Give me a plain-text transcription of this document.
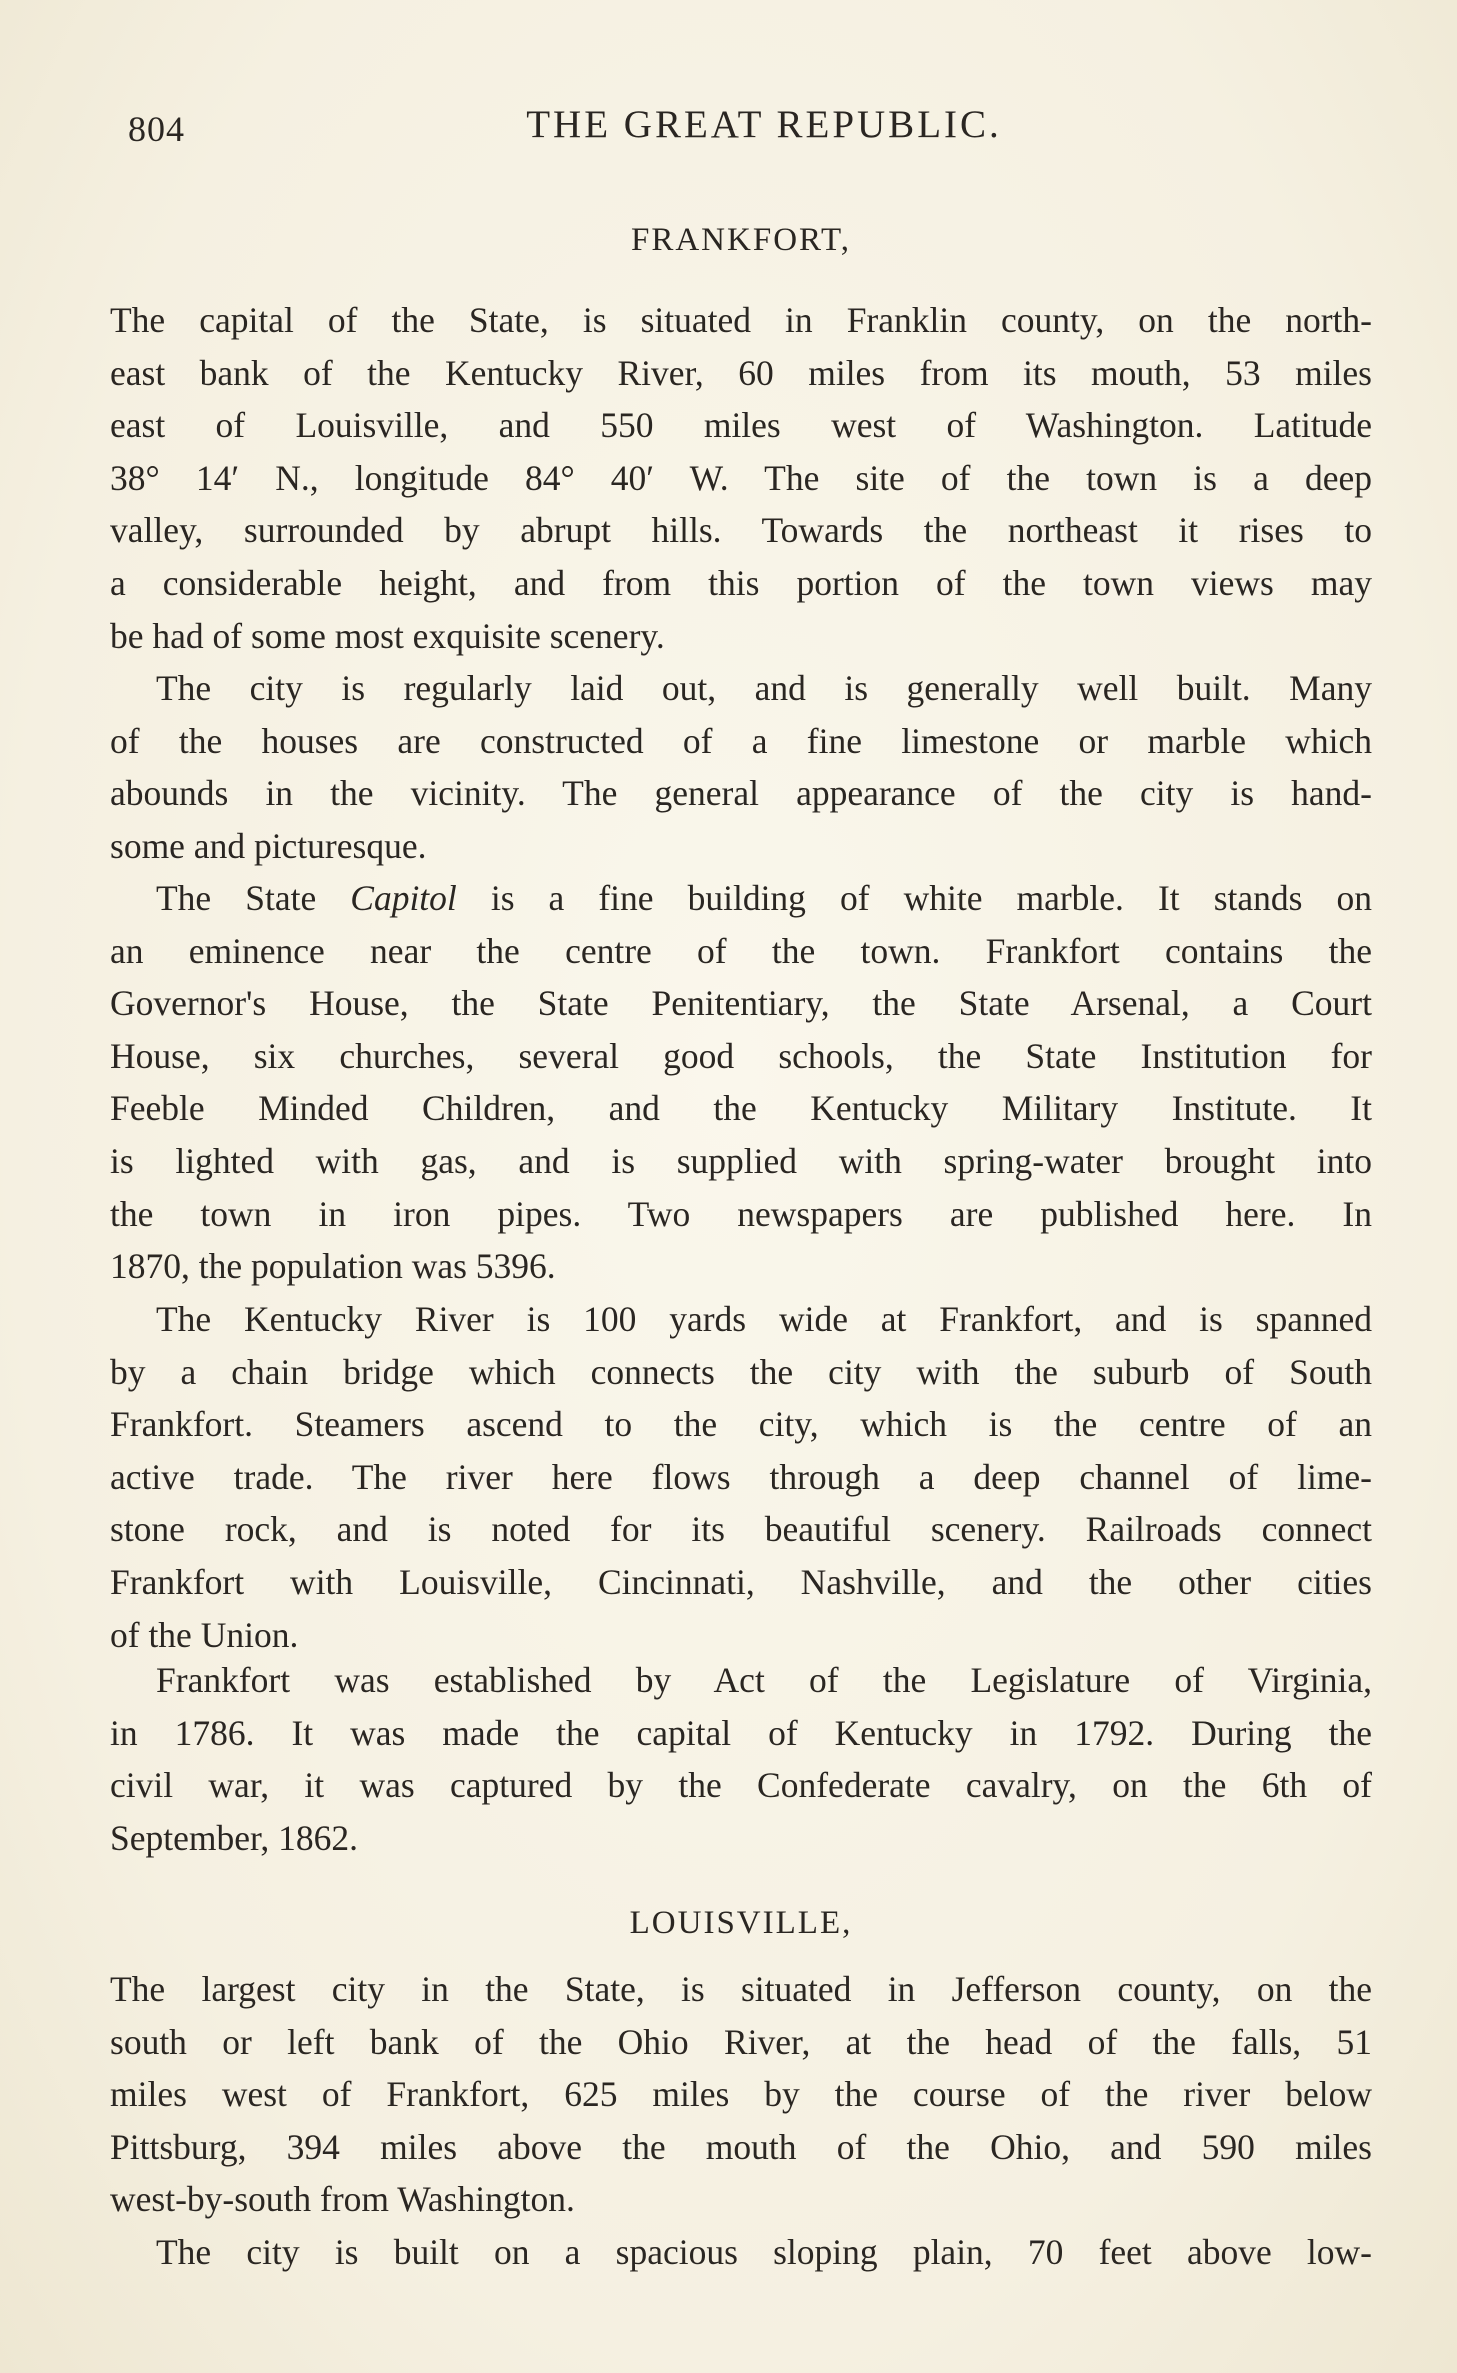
804	THE GREAT REPUBLIC.
FRANKFORT,
The capital of the State, is situated in Franklin county, on the north-
east bank of the Kentucky River, 60 miles from its mouth, 53 miles
east of Louisville, and 550 miles west of Washington. Latitude
38° 14′ N., longitude 84° 40′ W. The site of the town is a deep
valley, surrounded by abrupt hills. Towards the northeast it rises to
a considerable height, and from this portion of the town views may
be had of some most exquisite scenery.
The city is regularly laid out, and is generally well built. Many
of the houses are constructed of a fine limestone or marble which
abounds in the vicinity. The general appearance of the city is hand-
some and picturesque.
The State Capitol is a fine building of white marble. It stands on
an eminence near the centre of the town. Frankfort contains the
Governor's House, the State Penitentiary, the State Arsenal, a Court
House, six churches, several good schools, the State Institution for
Feeble Minded Children, and the Kentucky Military Institute. It
is lighted with gas, and is supplied with spring-water brought into
the town in iron pipes. Two newspapers are published here. In
1870, the population was 5396.
The Kentucky River is 100 yards wide at Frankfort, and is spanned
by a chain bridge which connects the city with the suburb of South
Frankfort. Steamers ascend to the city, which is the centre of an
active trade. The river here flows through a deep channel of lime-
stone rock, and is noted for its beautiful scenery. Railroads connect
Frankfort with Louisville, Cincinnati, Nashville, and the other cities
of the Union.
Frankfort was established by Act of the Legislature of Virginia,
in 1786. It was made the capital of Kentucky in 1792. During the
civil war, it was captured by the Confederate cavalry, on the 6th of
September, 1862.
LOUISVILLE,
The largest city in the State, is situated in Jefferson county, on the
south or left bank of the Ohio River, at the head of the falls, 51
miles west of Frankfort, 625 miles by the course of the river below
Pittsburg, 394 miles above the mouth of the Ohio, and 590 miles
west-by-south from Washington.
The city is built on a spacious sloping plain, 70 feet above low-
